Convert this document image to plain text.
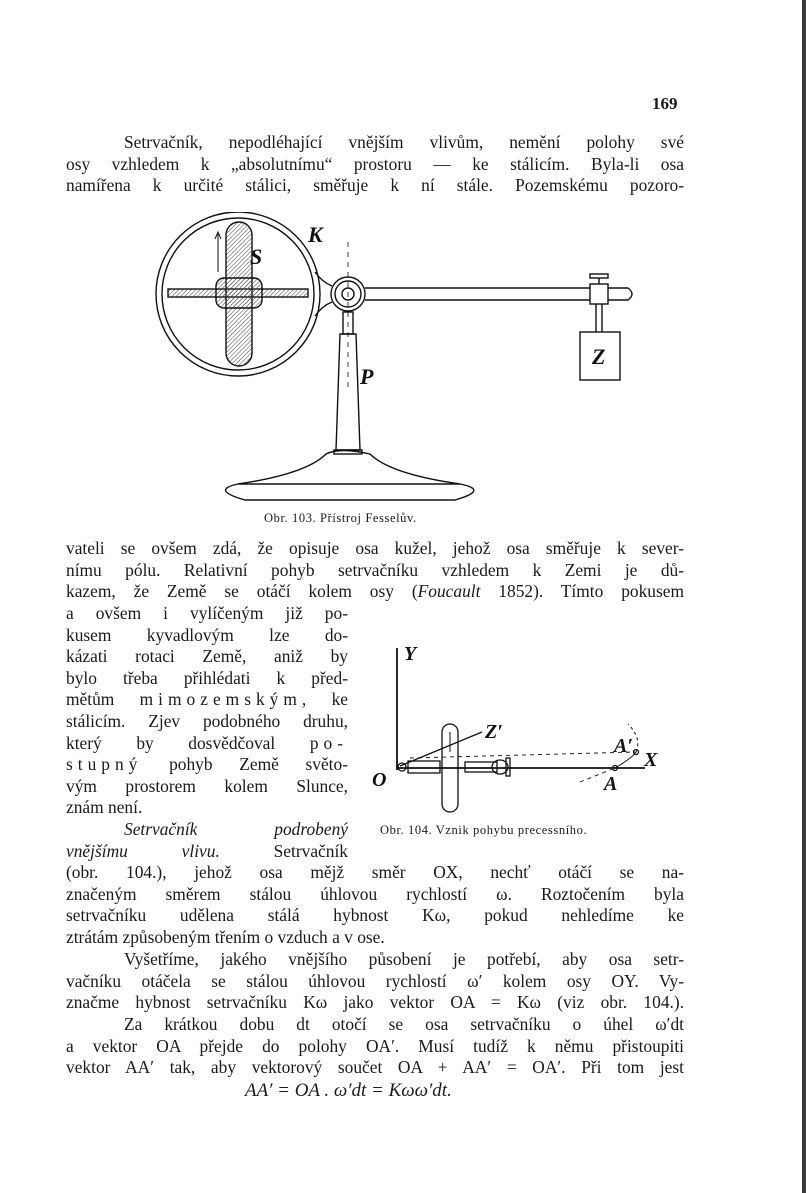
169
Setrvačník, nepodléhající vnějším vlivům, nemění polohy své
osy vzhledem k „absolutnímu“ prostoru — ke stálicím. Byla-li osa
namířena k určité stálici, směřuje k ní stále. Pozemskému pozoro-
K
S
P
Z
Obr. 103. Přístroj Fesselův.
vateli se ovšem zdá, že opisuje osa kužel, jehož osa směřuje k sever-
nímu pólu. Relativní pohyb setrvačníku vzhledem k Zemi je dů-
kazem, že Země se otáčí kolem osy (Foucault 1852). Tímto pokusem
a ovšem i vylíčeným již po-
kusem kyvadlovým lze do-
kázati rotaci Země, aniž by
bylo třeba přihlédati k před-
mětům mimozemským, ke
stálicím. Zjev podobného druhu,
který by dosvědčoval po-
stupný pohyb Země světo-
vým prostorem kolem Slunce,
znám není.
Setrvačník	podrobený
vnějšímu vlivu.	Setrvačník
Y
Z′
O
A′
X
A
Obr. 104. Vznik pohybu precessního.
(obr. 104.), jehož osa mějž směr OX, nechť otáčí se na-
značeným směrem stálou úhlovou rychlostí ω. Roztočením byla
setrvačníku udělena stálá hybnost Kω, pokud nehledíme ke
ztrátám způsobeným třením o vzduch a v ose.
Vyšetříme, jakého vnějšího působení je potřebí, aby osa setr-
vačníku otáčela se stálou úhlovou rychlostí ω′ kolem osy OY. Vy-
značme hybnost setrvačníku Kω jako vektor OA = Kω (viz obr. 104.).
Za krátkou dobu dt otočí se osa setrvačníku o úhel ω′dt
a vektor OA přejde do polohy OA′. Musí tudíž k němu přistoupiti
vektor AA′ tak, aby vektorový součet OA + AA′ = OA′. Při tom jest
AA′ = OA . ω′dt = Kωω′dt.
